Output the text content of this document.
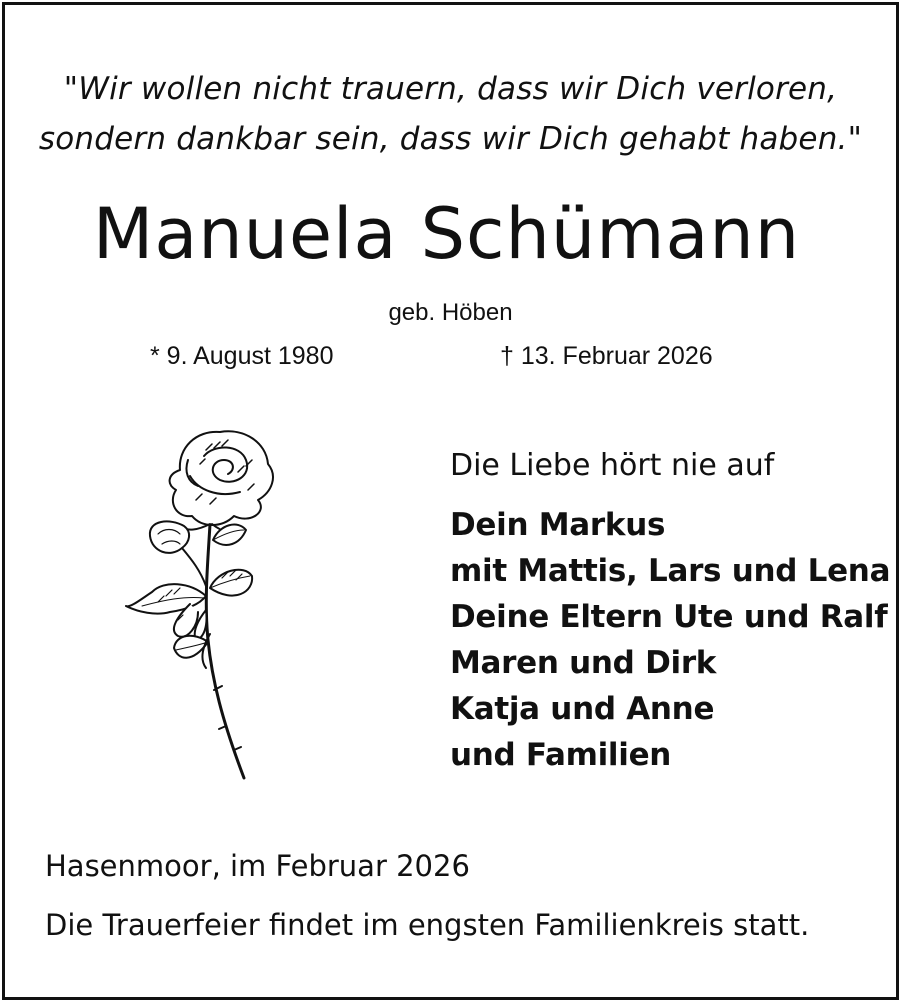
"Wir wollen nicht trauern, dass wir Dich verloren,
sondern dankbar sein, dass wir Dich gehabt haben."
Manuela Schümann
geb. Höben
* 9. August 1980	† 13. Februar 2026
Die Liebe hört nie auf
Dein Markus
mit Mattis, Lars und Lena
Deine Eltern Ute und Ralf
Maren und Dirk
Katja und Anne
und Familien
Hasenmoor, im Februar 2026
Die Trauerfeier findet im engsten Familienkreis statt.
